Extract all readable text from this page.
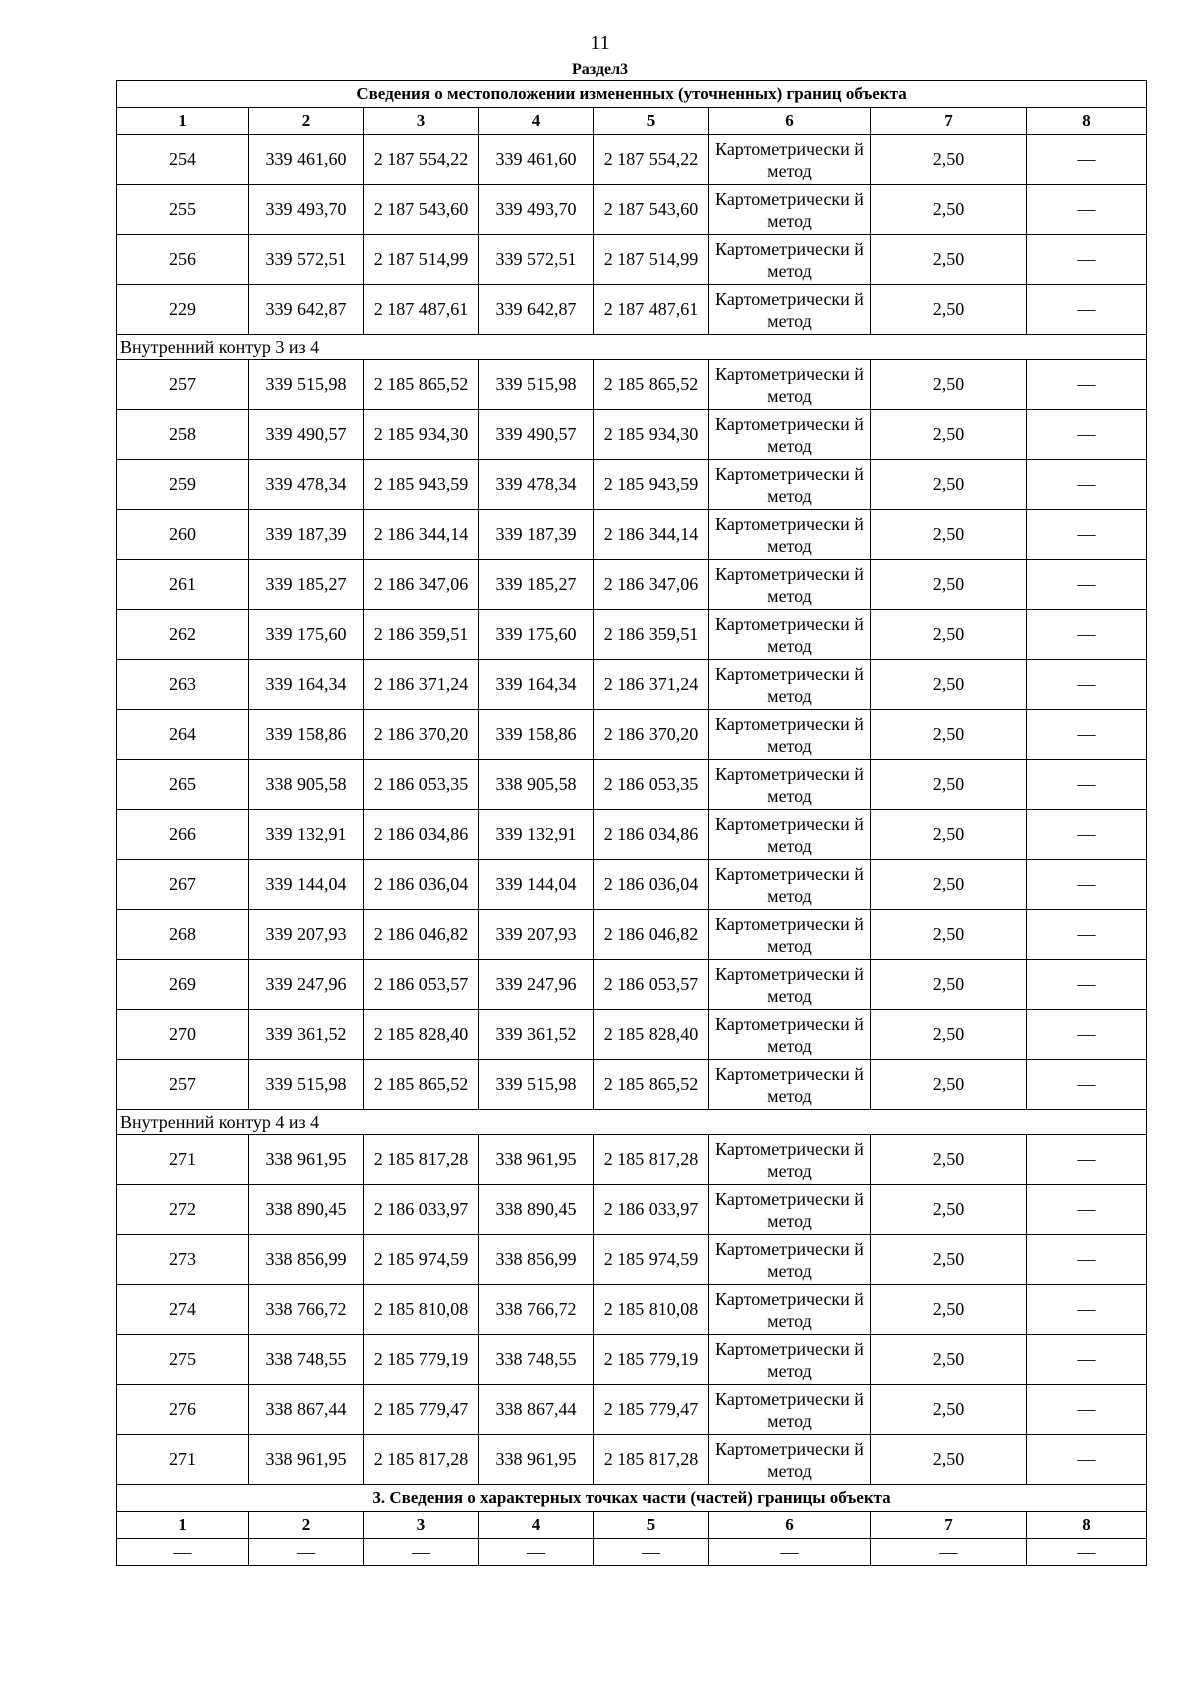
11
Раздел3
Сведения о местоположении измененных (уточненных) границ объекта							
1	2	3	4	5	6	7	8
254	339 461,60	2 187 554,22	339 461,60	2 187 554,22	Картометрически й метод	2,50	—
255	339 493,70	2 187 543,60	339 493,70	2 187 543,60	Картометрически й метод	2,50	—
256	339 572,51	2 187 514,99	339 572,51	2 187 514,99	Картометрически й метод	2,50	—
229	339 642,87	2 187 487,61	339 642,87	2 187 487,61	Картометрически й метод	2,50	—
Внутренний контур 3 из 4							
257	339 515,98	2 185 865,52	339 515,98	2 185 865,52	Картометрически й метод	2,50	—
258	339 490,57	2 185 934,30	339 490,57	2 185 934,30	Картометрически й метод	2,50	—
259	339 478,34	2 185 943,59	339 478,34	2 185 943,59	Картометрически й метод	2,50	—
260	339 187,39	2 186 344,14	339 187,39	2 186 344,14	Картометрически й метод	2,50	—
261	339 185,27	2 186 347,06	339 185,27	2 186 347,06	Картометрически й метод	2,50	—
262	339 175,60	2 186 359,51	339 175,60	2 186 359,51	Картометрически й метод	2,50	—
263	339 164,34	2 186 371,24	339 164,34	2 186 371,24	Картометрически й метод	2,50	—
264	339 158,86	2 186 370,20	339 158,86	2 186 370,20	Картометрически й метод	2,50	—
265	338 905,58	2 186 053,35	338 905,58	2 186 053,35	Картометрически й метод	2,50	—
266	339 132,91	2 186 034,86	339 132,91	2 186 034,86	Картометрически й метод	2,50	—
267	339 144,04	2 186 036,04	339 144,04	2 186 036,04	Картометрически й метод	2,50	—
268	339 207,93	2 186 046,82	339 207,93	2 186 046,82	Картометрически й метод	2,50	—
269	339 247,96	2 186 053,57	339 247,96	2 186 053,57	Картометрически й метод	2,50	—
270	339 361,52	2 185 828,40	339 361,52	2 185 828,40	Картометрически й метод	2,50	—
257	339 515,98	2 185 865,52	339 515,98	2 185 865,52	Картометрически й метод	2,50	—
Внутренний контур 4 из 4							
271	338 961,95	2 185 817,28	338 961,95	2 185 817,28	Картометрически й метод	2,50	—
272	338 890,45	2 186 033,97	338 890,45	2 186 033,97	Картометрически й метод	2,50	—
273	338 856,99	2 185 974,59	338 856,99	2 185 974,59	Картометрически й метод	2,50	—
274	338 766,72	2 185 810,08	338 766,72	2 185 810,08	Картометрически й метод	2,50	—
275	338 748,55	2 185 779,19	338 748,55	2 185 779,19	Картометрически й метод	2,50	—
276	338 867,44	2 185 779,47	338 867,44	2 185 779,47	Картометрически й метод	2,50	—
271	338 961,95	2 185 817,28	338 961,95	2 185 817,28	Картометрически й метод	2,50	—
3. Сведения о характерных точках части (частей) границы объекта							
1	2	3	4	5	6	7	8
—	—	—	—	—	—	—	—
